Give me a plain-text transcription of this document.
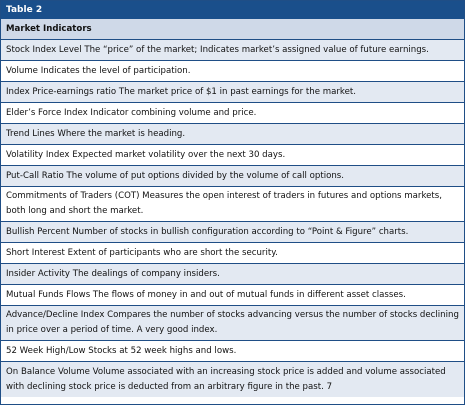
Table 2
Market Indicators
Stock Index Level The “price” of the market; Indicates market’s assigned value of future earnings.
Volume Indicates the level of participation.
Index Price-earnings ratio The market price of $1 in past earnings for the market.
Elder’s Force Index Indicator combining volume and price.
Trend Lines Where the market is heading.
Volatility Index Expected market volatility over the next 30 days.
Put-Call Ratio The volume of put options divided by the volume of call options.
Commitments of Traders (COT) Measures the open interest of traders in futures and options markets, both long and short the market.
Bullish Percent Number of stocks in bullish configuration according to “Point & Figure” charts.
Short Interest Extent of participants who are short the security.
Insider Activity The dealings of company insiders.
Mutual Funds Flows The flows of money in and out of mutual funds in different asset classes.
Advance/Decline Index Compares the number of stocks advancing versus the number of stocks declining in price over a period of time. A very good index.
52 Week High/Low Stocks at 52 week highs and lows.
On Balance Volume Volume associated with an increasing stock price is added and volume associated with declining stock price is deducted from an arbitrary figure in the past. 7
